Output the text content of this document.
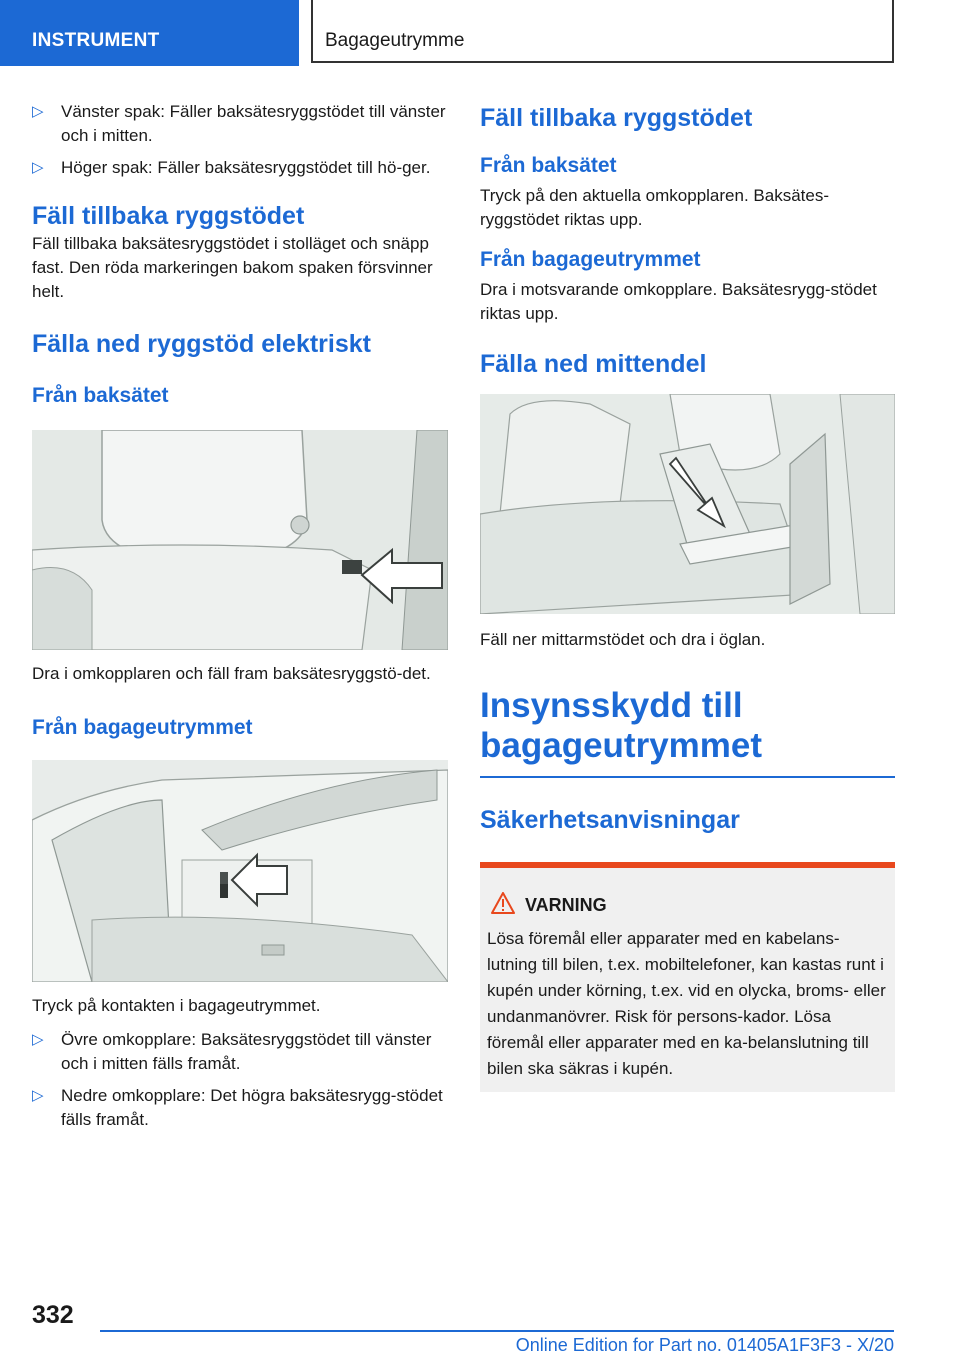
INSTRUMENT	Bagageutrymme
▷ Vänster spak: Fäller baksätesryggstödet till vänster och i mitten.
▷ Höger spak: Fäller baksätesryggstödet till hö-ger.
Fäll tillbaka ryggstödet

Fäll tillbaka baksätesryggstödet i stolläget och snäpp fast. Den röda markeringen bakom spaken försvinner helt.

Fälla ned ryggstöd elektriskt
Från baksätet

Dra i omkopplaren och fäll fram baksätesryggstö-det.

Från bagageutrymmet

Tryck på kontakten i bagageutrymmet.

▷ Övre omkopplare: Baksätesryggstödet till vänster och i mitten fälls framåt.
▷ Nedre omkopplare: Det högra baksätesrygg-stödet fälls framåt.
Fäll tillbaka ryggstödet
Från baksätet

Tryck på den aktuella omkopplaren. Baksätes-ryggstödet riktas upp.

Från bagageutrymmet

Dra i motsvarande omkopplare. Baksätesrygg-stödet riktas upp.

Fälla ned mittendel

Fäll ner mittarmstödet och dra i öglan.

Insynsskydd till bagageutrymmet
Säkerhetsanvisningar
VARNING
Lösa föremål eller apparater med en kabelans-lutning till bilen, t.ex. mobiltelefoner, kan kastas runt i kupén under körning, t.ex. vid en olycka, broms- eller undanmanövrer. Risk för persons-kador. Lösa föremål eller apparater med en ka-belanslutning till bilen ska säkras i kupén.
332
Online Edition for Part no. 01405A1F3F3 - X/20
